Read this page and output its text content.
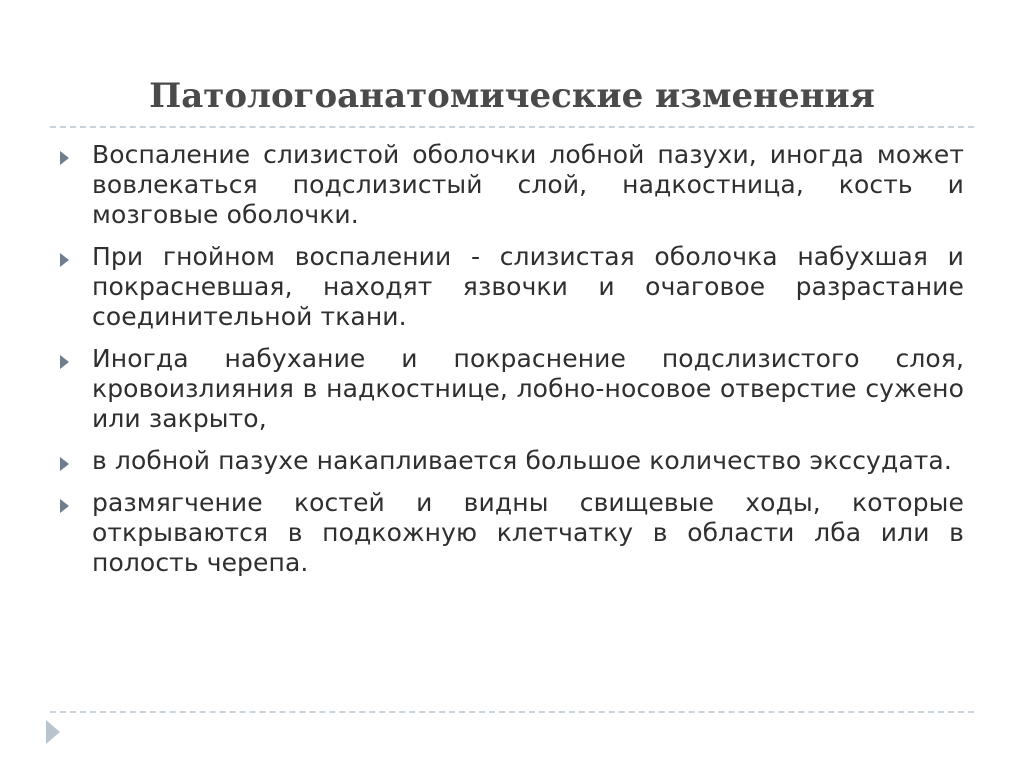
Патологоанатомические изменения
Воспаление слизистой оболочки лобной пазухи, иногда может вовлекаться подслизистый слой, надкостница, кость и мозговые оболочки.
При гнойном воспалении - слизистая оболочка набухшая и покрасневшая, находят язвочки и очаговое разрастание соединительной ткани.
Иногда набухание и покраснение подслизистого слоя, кровоизлияния в надкостнице, лобно-носовое отверстие сужено или закрыто,
в лобной пазухе накапливается большое количество экссудата.
размягчение костей и видны свищевые ходы, которые открываются в подкожную клетчатку в области лба или в полость черепа.
